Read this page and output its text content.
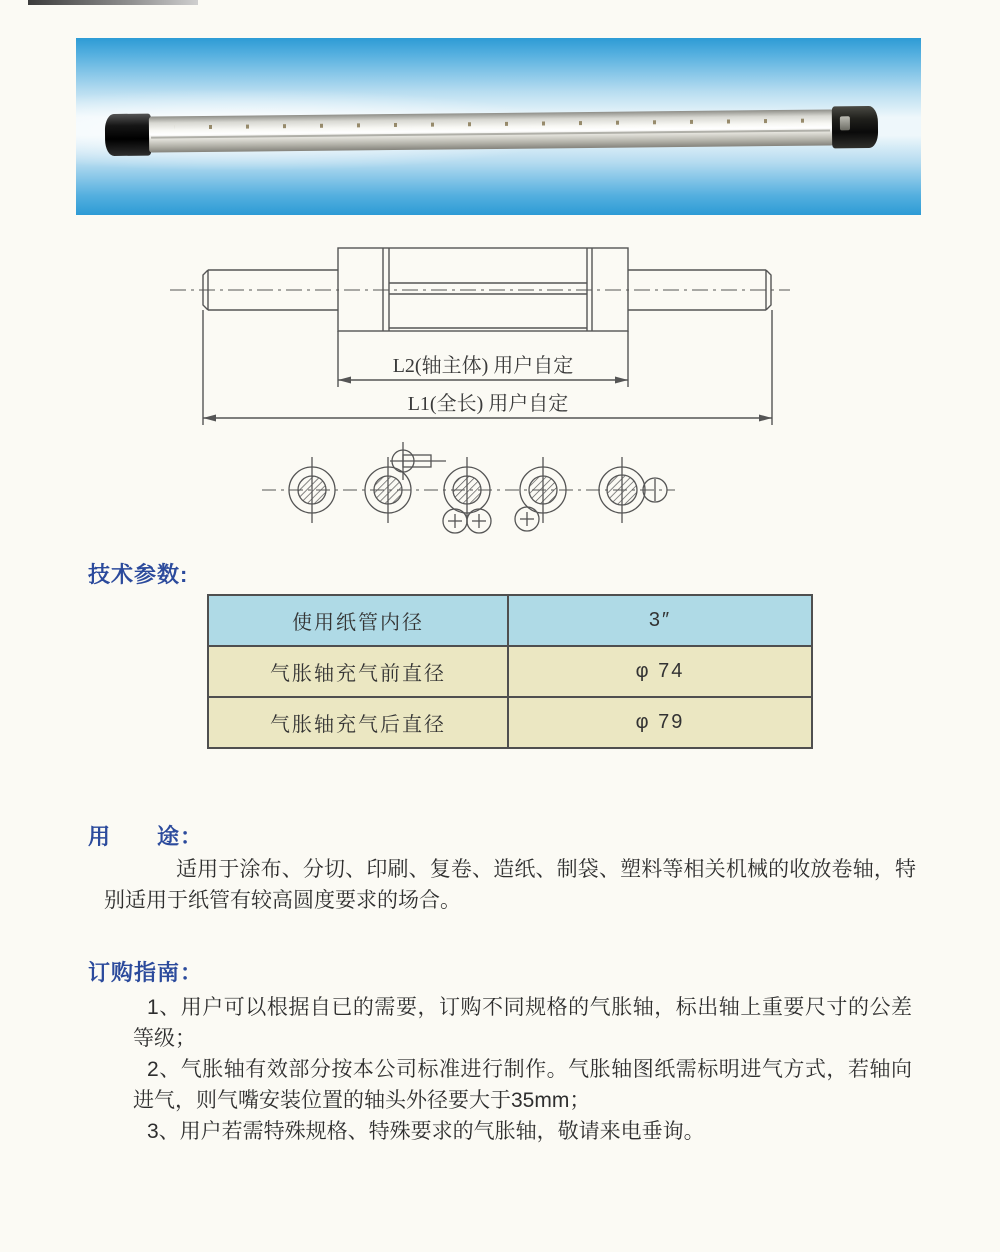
L2(轴主体) 用户自定
L1(全长) 用户自定
技术参数:
使用纸管内径	3″
气胀轴充气前直径	φ 74
气胀轴充气后直径	φ 79
用　　途：

适用于涂布、分切、印刷、复卷、造纸、制袋、塑料等相关机械的收放卷轴，特别适用于纸管有较高圆度要求的场合。

订购指南：

1、用户可以根据自已的需要，订购不同规格的气胀轴，标出轴上重要尺寸的公差等级；

2、气胀轴有效部分按本公司标准进行制作。气胀轴图纸需标明进气方式，若轴向进气，则气嘴安装位置的轴头外径要大于35mm；

3、用户若需特殊规格、特殊要求的气胀轴，敬请来电垂询。
